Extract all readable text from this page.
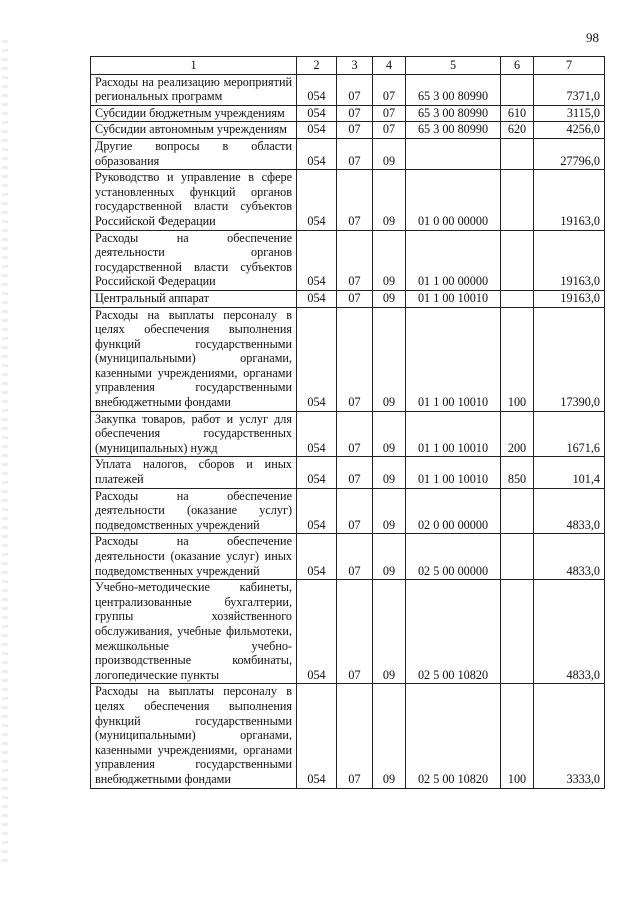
98
1	2	3	4	5	6	7
Расходы на реализацию мероприятий региональных программ	054	07	07	65 3 00 80990		7371,0
Субсидии бюджетным учреждениям	054	07	07	65 3 00 80990	610	3115,0
Субсидии автономным учреждениям	054	07	07	65 3 00 80990	620	4256,0
Другие вопросы в области образования	054	07	09			27796,0
Руководство и управление в сфере установленных функций органов государственной власти субъектов Российской Федерации	054	07	09	01 0 00 00000		19163,0
Расходы на обеспечение деятельности органов государственной власти субъектов Российской Федерации	054	07	09	01 1 00 00000		19163,0
Центральный аппарат	054	07	09	01 1 00 10010		19163,0
Расходы на выплаты персоналу в целях обеспечения выполнения функций государственными (муниципальными) органами, казенными учреждениями, органами управления государственными внебюджетными фондами	054	07	09	01 1 00 10010	100	17390,0
Закупка товаров, работ и услуг для обеспечения государственных (муниципальных) нужд	054	07	09	01 1 00 10010	200	1671,6
Уплата налогов, сборов и иных платежей	054	07	09	01 1 00 10010	850	101,4
Расходы на обеспечение деятельности (оказание услуг) подведомственных учреждений	054	07	09	02 0 00 00000		4833,0
Расходы на обеспечение деятельности (оказание услуг) иных подведомственных учреждений	054	07	09	02 5 00 00000		4833,0
Учебно-методические кабинеты, централизованные бухгалтерии, группы хозяйственного обслуживания, учебные фильмотеки, межшкольные учебно-производственные комбинаты, логопедические пункты	054	07	09	02 5 00 10820		4833,0
Расходы на выплаты персоналу в целях обеспечения выполнения функций государственными (муниципальными) органами, казенными учреждениями, органами управления государственными внебюджетными фондами	054	07	09	02 5 00 10820	100	3333,0
